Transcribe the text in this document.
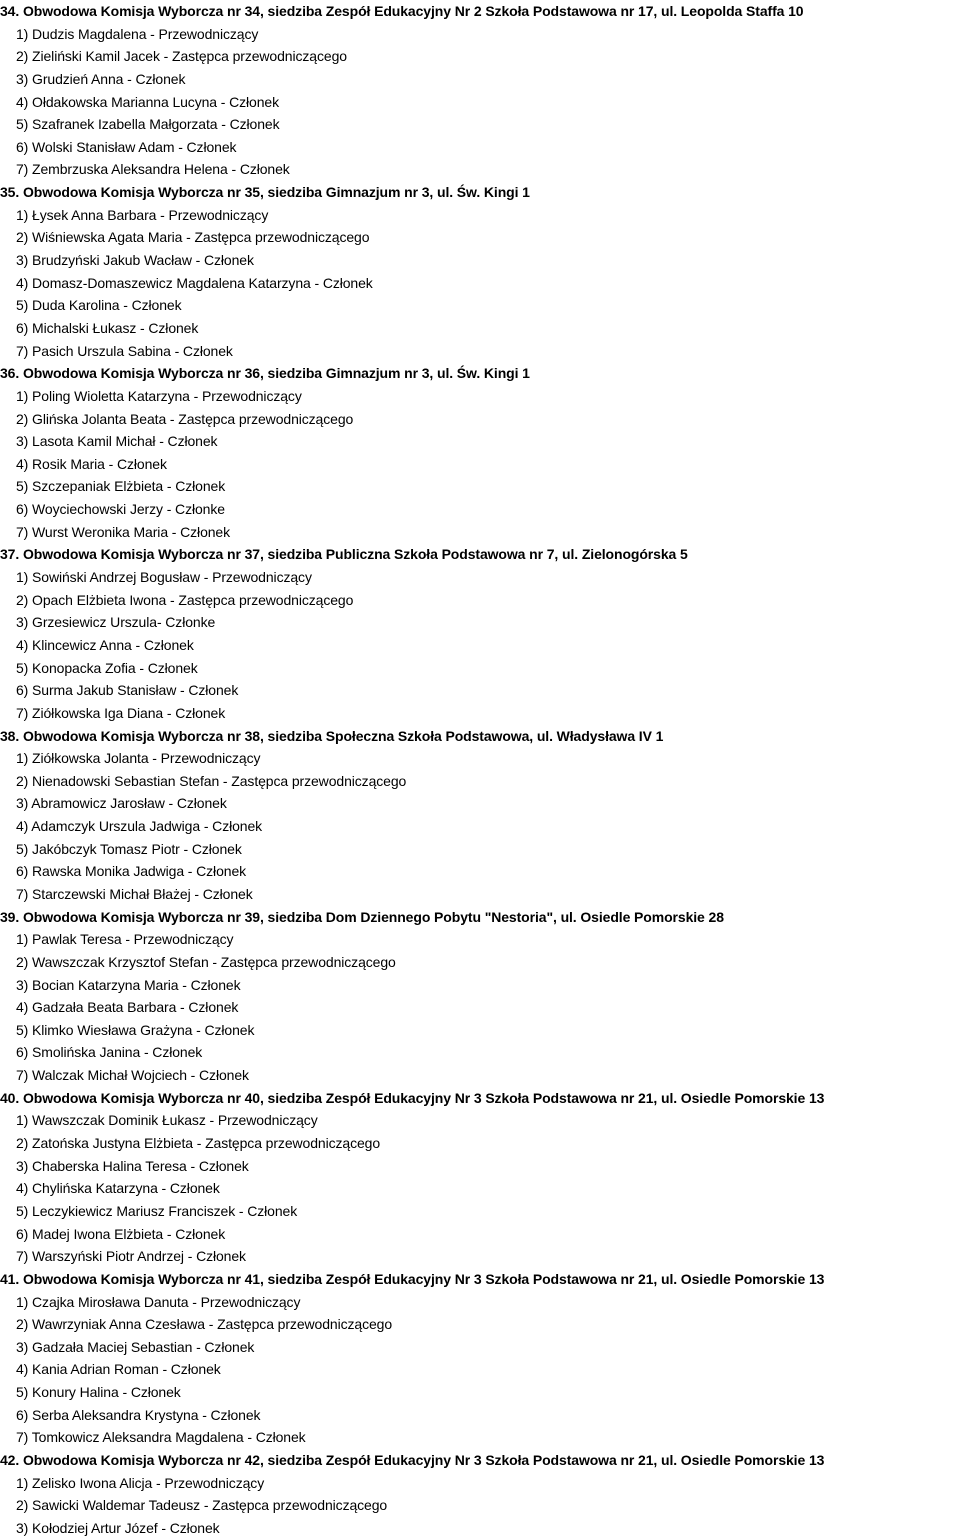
34. Obwodowa Komisja Wyborcza nr 34, siedziba Zespół Edukacyjny Nr 2 Szkoła Podstawowa nr 17, ul. Leopolda Staffa 10
1) Dudzis Magdalena - Przewodniczący
2) Zieliński Kamil Jacek - Zastępca przewodniczącego
3) Grudzień Anna - Członek
4) Ołdakowska Marianna Lucyna - Członek
5) Szafranek Izabella Małgorzata - Członek
6) Wolski Stanisław Adam - Członek
7) Zembrzuska Aleksandra Helena - Członek
35. Obwodowa Komisja Wyborcza nr 35, siedziba Gimnazjum nr 3, ul. Św. Kingi 1
1) Łysek Anna Barbara - Przewodniczący
2) Wiśniewska Agata Maria - Zastępca przewodniczącego
3) Brudzyński Jakub Wacław - Członek
4) Domasz-Domaszewicz Magdalena Katarzyna - Członek
5) Duda Karolina - Członek
6) Michalski Łukasz - Członek
7) Pasich Urszula Sabina - Członek
36. Obwodowa Komisja Wyborcza nr 36, siedziba Gimnazjum nr 3, ul. Św. Kingi 1
1) Poling Wioletta Katarzyna - Przewodniczący
2) Glińska Jolanta Beata - Zastępca przewodniczącego
3) Lasota Kamil Michał - Członek
4) Rosik Maria - Członek
5) Szczepaniak Elżbieta - Członek
6) Woyciechowski Jerzy - Członke
7) Wurst Weronika Maria - Członek
37. Obwodowa Komisja Wyborcza nr 37, siedziba Publiczna Szkoła Podstawowa nr 7, ul. Zielonogórska 5
1) Sowiński Andrzej Bogusław - Przewodniczący
2) Opach Elżbieta Iwona - Zastępca przewodniczącego
3) Grzesiewicz Urszula- Członke
4) Klincewicz Anna - Członek
5) Konopacka Zofia - Członek
6) Surma Jakub Stanisław - Członek
7) Ziółkowska Iga Diana - Członek
38. Obwodowa Komisja Wyborcza nr 38, siedziba Społeczna Szkoła Podstawowa, ul. Władysława IV 1
1) Ziółkowska Jolanta - Przewodniczący
2) Nienadowski Sebastian Stefan - Zastępca przewodniczącego
3) Abramowicz Jarosław - Członek
4) Adamczyk Urszula Jadwiga - Członek
5) Jakóbczyk Tomasz Piotr - Członek
6) Rawska Monika Jadwiga - Członek
7) Starczewski Michał Błażej - Członek
39. Obwodowa Komisja Wyborcza nr 39, siedziba Dom Dziennego Pobytu "Nestoria", ul. Osiedle Pomorskie 28
1) Pawlak Teresa - Przewodniczący
2) Wawszczak Krzysztof Stefan - Zastępca przewodniczącego
3) Bocian Katarzyna Maria - Członek
4) Gadzała Beata Barbara - Członek
5) Klimko Wiesława Grażyna - Członek
6) Smolińska Janina - Członek
7) Walczak Michał Wojciech - Członek
40. Obwodowa Komisja Wyborcza nr 40, siedziba Zespół Edukacyjny Nr 3 Szkoła Podstawowa nr 21, ul. Osiedle Pomorskie 13
1) Wawszczak Dominik Łukasz - Przewodniczący
2) Zatońska Justyna Elżbieta - Zastępca przewodniczącego
3) Chaberska Halina Teresa - Członek
4) Chylińska Katarzyna - Członek
5) Leczykiewicz Mariusz Franciszek - Członek
6) Madej Iwona Elżbieta - Członek
7) Warszyński Piotr Andrzej - Członek
41. Obwodowa Komisja Wyborcza nr 41, siedziba Zespół Edukacyjny Nr 3 Szkoła Podstawowa nr 21, ul. Osiedle Pomorskie 13
1) Czajka Mirosława Danuta - Przewodniczący
2) Wawrzyniak Anna Czesława - Zastępca przewodniczącego
3) Gadzała Maciej Sebastian - Członek
4) Kania Adrian Roman - Członek
5) Konury Halina - Członek
6) Serba Aleksandra Krystyna - Członek
7) Tomkowicz Aleksandra Magdalena - Członek
42. Obwodowa Komisja Wyborcza nr 42, siedziba Zespół Edukacyjny Nr 3 Szkoła Podstawowa nr 21, ul. Osiedle Pomorskie 13
1) Zelisko Iwona Alicja - Przewodniczący
2) Sawicki Waldemar Tadeusz - Zastępca przewodniczącego
3) Kołodziej Artur Józef - Członek
